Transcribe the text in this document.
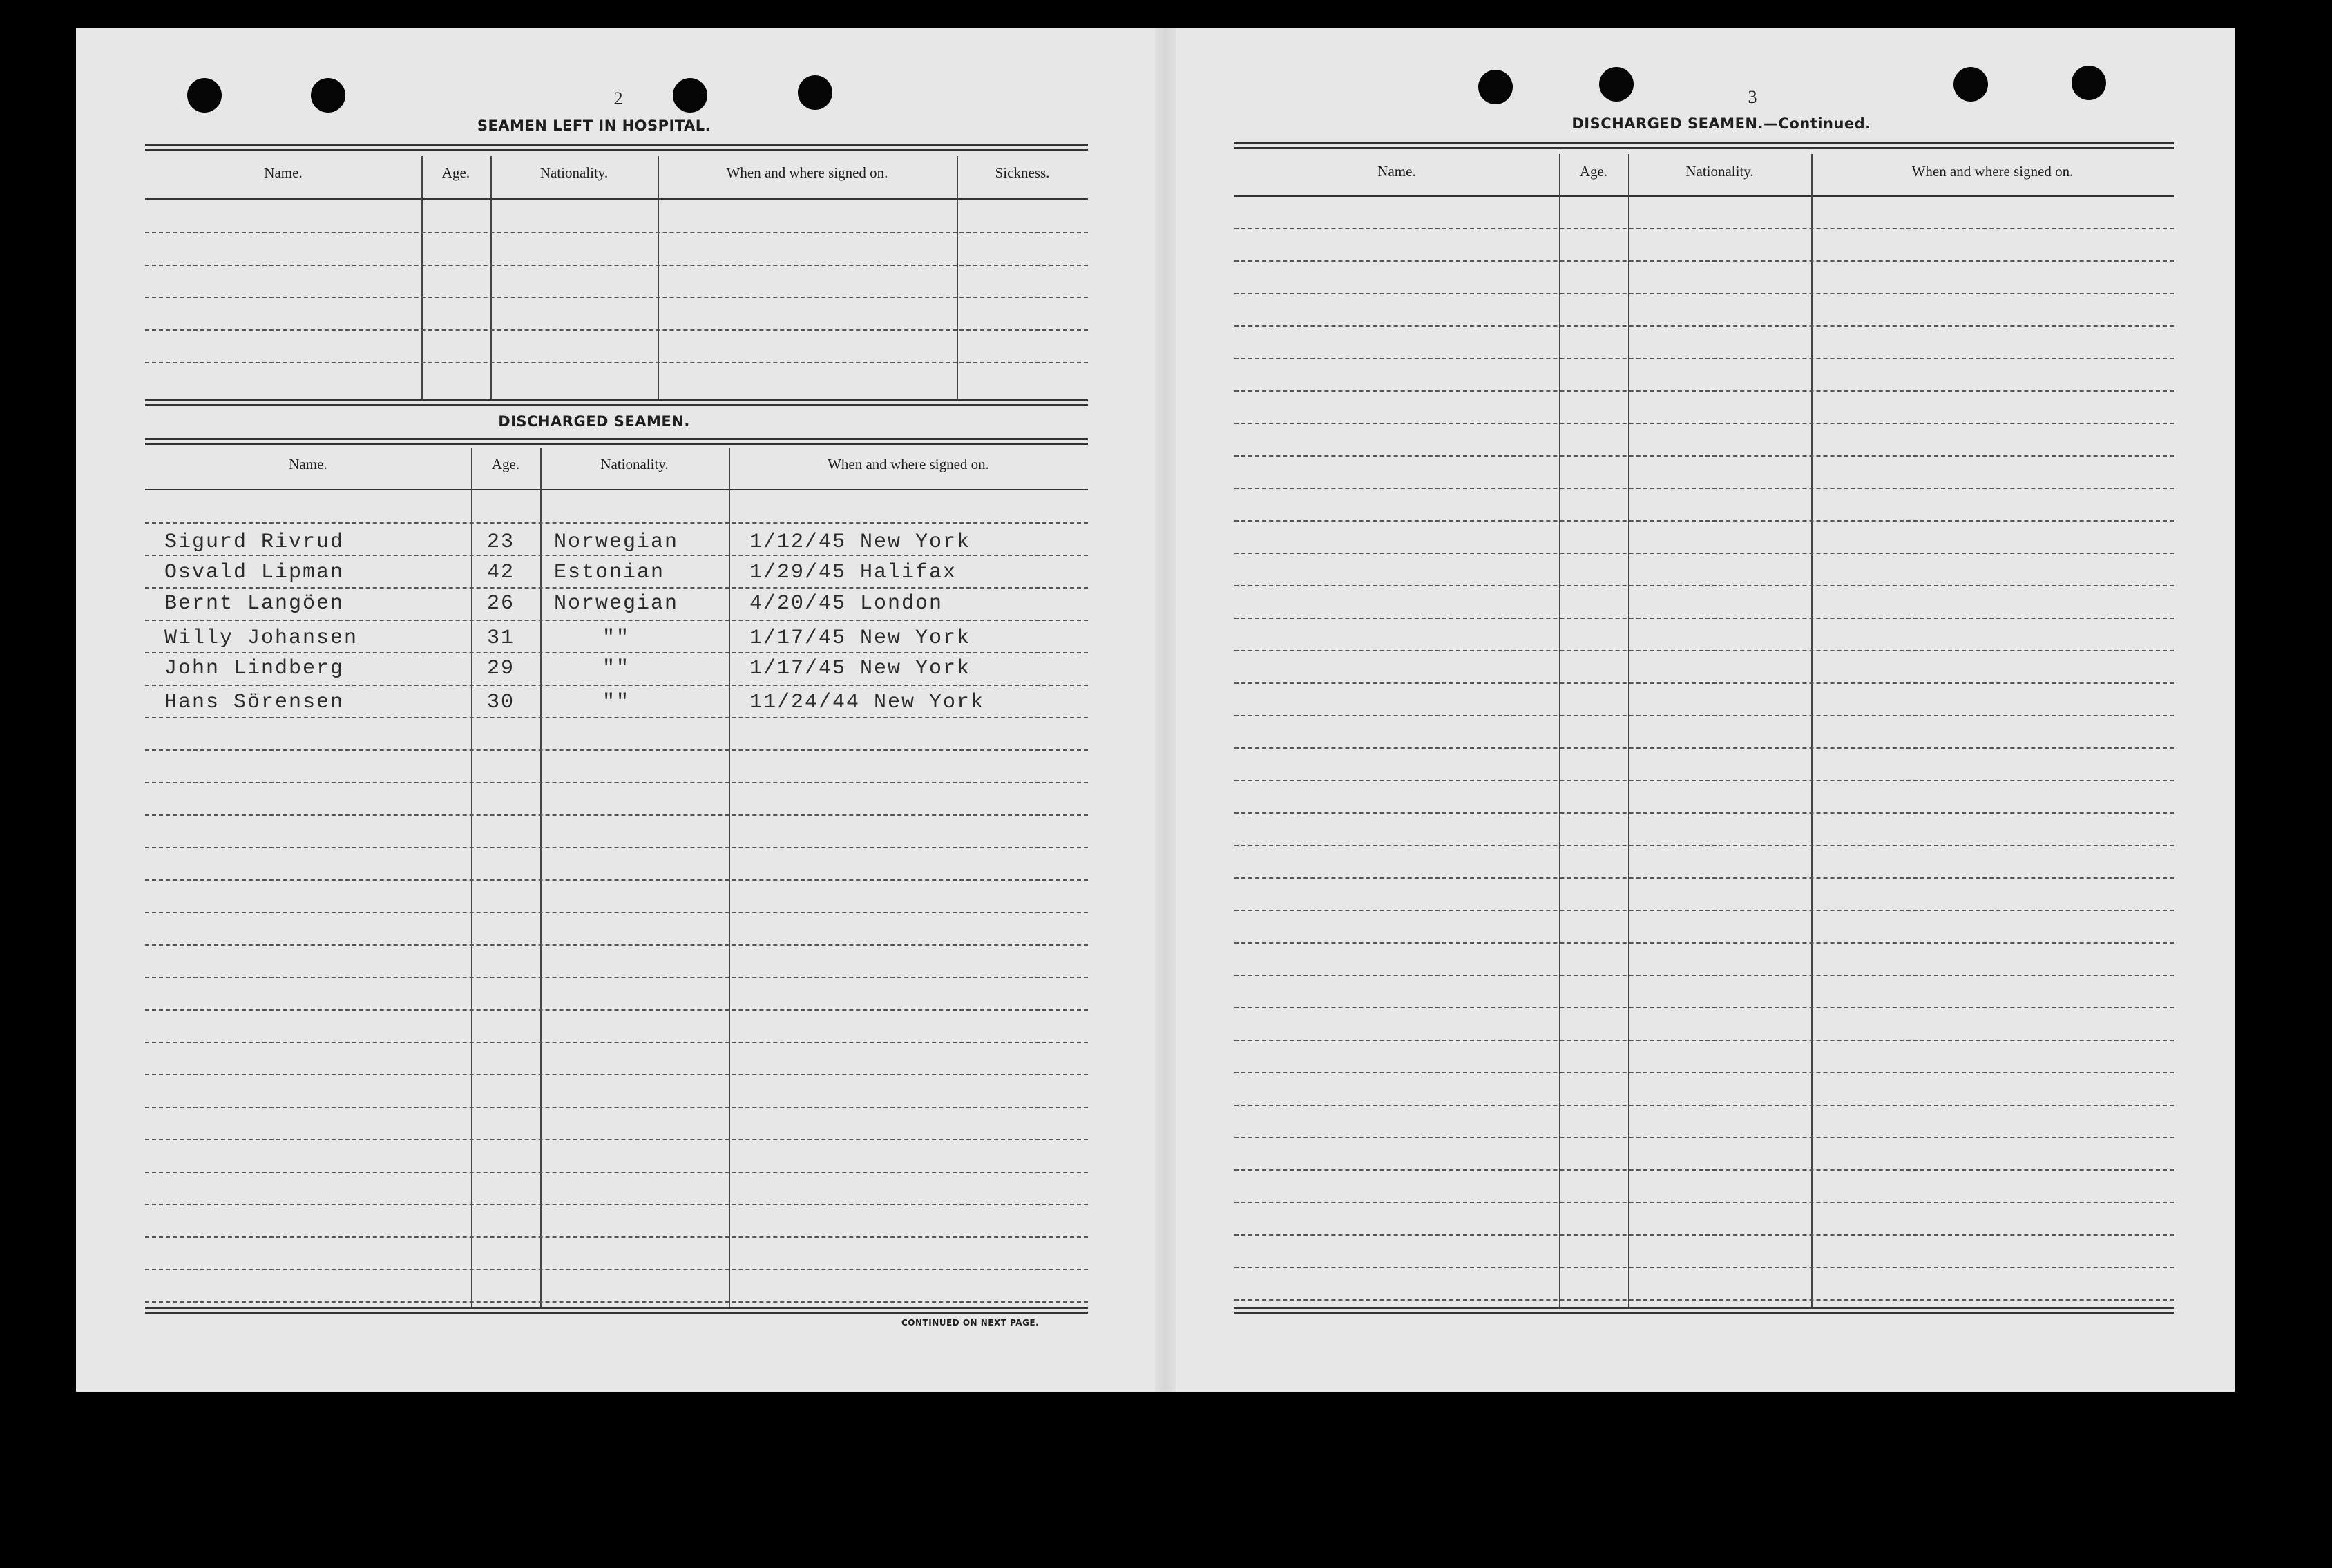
2
SEAMEN LEFT IN HOSPITAL.
Name.	Age.	Nationality.	When and where signed on.	Sickness.
DISCHARGED SEAMEN.
Name.	Age.	Nationality.	When and where signed on.
Sigurd Rivrud	23 Norwegian	1/12/45 New York
Osvald Lipman	42 Estonian	1/29/45 Halifax
Bernt Langöen	26 Norwegian	4/20/45 London
Willy Johansen	31	""	1/17/45 New York
John Lindberg	29	""	1/17/45 New York
Hans Sörensen	30	""	11/24/44 New York
CONTINUED ON NEXT PAGE.
3
DISCHARGED SEAMEN.—Continued.
Name.	Age.	Nationality.	When and where signed on.
